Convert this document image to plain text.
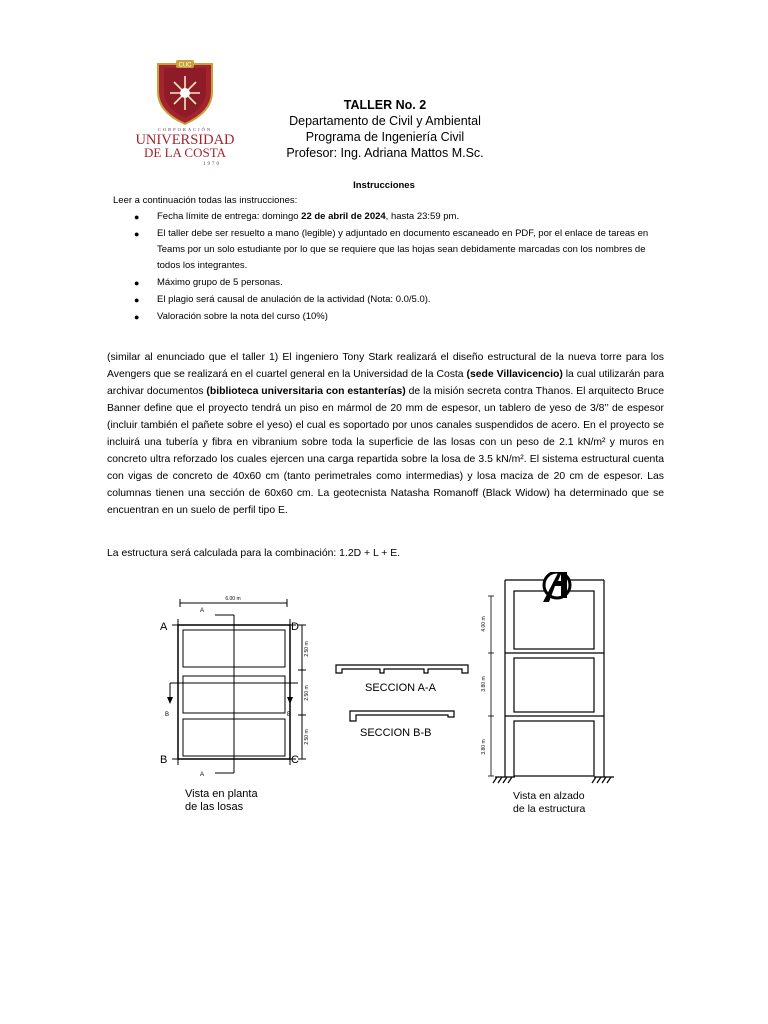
CUC
CORPORACIÓN
UNIVERSIDAD
DE LA COSTA
1970
TALLER No. 2
Departamento de Civil y Ambiental
Programa de Ingeniería Civil
Profesor: Ing. Adriana Mattos M.Sc.
Instrucciones
Leer a continuación todas las instrucciones:
● Fecha límite de entrega: domingo 22 de abril de 2024, hasta 23:59 pm.
● El taller debe ser resuelto a mano (legible) y adjuntado en documento escaneado en PDF, por el enlace de tareas en Teams por un solo estudiante por lo que se requiere que las hojas sean debidamente marcadas con los nombres de todos los integrantes.
● Máximo grupo de 5 personas.
● El plagio será causal de anulación de la actividad (Nota: 0.0/5.0).
● Valoración sobre la nota del curso (10%)

(similar al enunciado que el taller 1) El ingeniero Tony Stark realizará el diseño estructural de la nueva torre para los Avengers que se realizará en el cuartel general en la Universidad de la Costa (sede Villavicencio) la cual utilizarán para archivar documentos (biblioteca universitaria con estanterías) de la misión secreta contra Thanos. El arquitecto Bruce Banner define que el proyecto tendrá un piso en mármol de 20 mm de espesor, un tablero de yeso de 3/8’’ de espesor (incluir también el pañete sobre el yeso) el cual es soportado por unos canales suspendidos de acero. En el proyecto se incluirá una tubería y fibra en vibranium sobre toda la superficie de las losas con un peso de 2.1 kN/m² y muros en concreto ultra reforzado los cuales ejercen una carga repartida sobre la losa de 3.5 kN/m². El sistema estructural cuenta con vigas de concreto de 40x60 cm (tanto perimetrales como intermedias) y losa maciza de 20 cm de espesor. Las columnas tienen una sección de 60x60 cm. La geotecnista Natasha Romanoff (Black Widow) ha determinado que se encuentran en un suelo de perfil tipo E.

La estructura será calculada para la combinación: 1.2D + L + E.
6.00 m
2.50 m
2.50 m
2.50 m
A	D
B	C
A
A
B	B
Vista en planta
de las losas
SECCION A-A
SECCION B-B
4.00 m
3.80 m
3.80 m
Vista en alzado
de la estructura
